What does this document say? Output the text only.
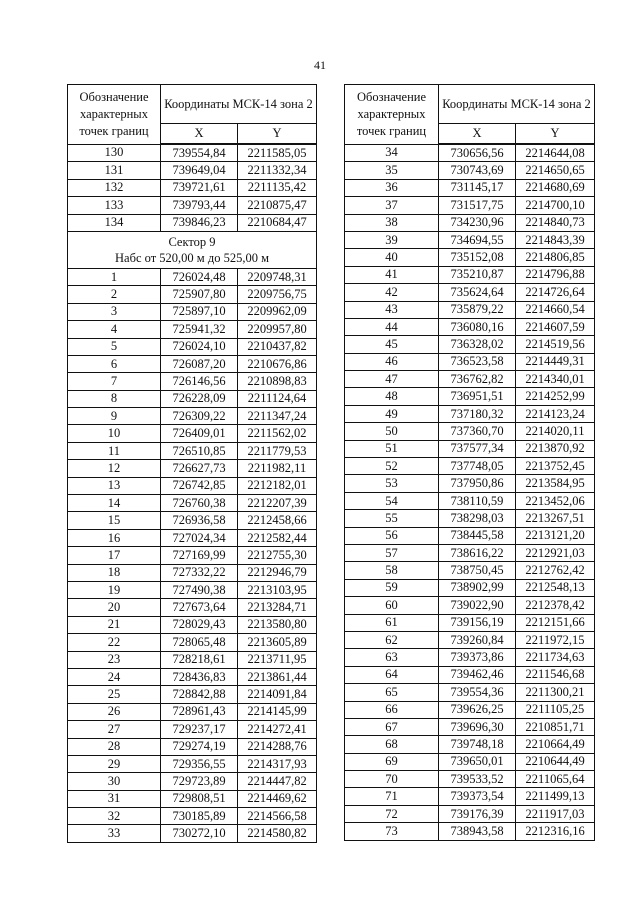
41
Обозначение характерных точек границ	Координаты МСК-14 зона 2	
	X	Y
130	739554,84	2211585,05
131	739649,04	2211332,34
132	739721,61	2211135,42
133	739793,44	2210875,47
134	739846,23	2210684,47

Сектор 9
Набс от 520,00 м до 525,00 м		

1	726024,48	2209748,31
2	725907,80	2209756,75
3	725897,10	2209962,09
4	725941,32	2209957,80
5	726024,10	2210437,82
6	726087,20	2210676,86
7	726146,56	2210898,83
8	726228,09	2211124,64
9	726309,22	2211347,24
10	726409,01	2211562,02
11	726510,85	2211779,53
12	726627,73	2211982,11
13	726742,85	2212182,01
14	726760,38	2212207,39
15	726936,58	2212458,66
16	727024,34	2212582,44
17	727169,99	2212755,30
18	727332,22	2212946,79
19	727490,38	2213103,95
20	727673,64	2213284,71
21	728029,43	2213580,80
22	728065,48	2213605,89
23	728218,61	2213711,95
24	728436,83	2213861,44
25	728842,88	2214091,84
26	728961,43	2214145,99
27	729237,17	2214272,41
28	729274,19	2214288,76
29	729356,55	2214317,93
30	729723,89	2214447,82
31	729808,51	2214469,62
32	730185,89	2214566,58
33	730272,10	2214580,82
Обозначение характерных точек границ	Координаты МСК-14 зона 2	
	X	Y
34	730656,56	2214644,08
35	730743,69	2214650,65
36	731145,17	2214680,69
37	731517,75	2214700,10
38	734230,96	2214840,73
39	734694,55	2214843,39
40	735152,08	2214806,85
41	735210,87	2214796,88
42	735624,64	2214726,64
43	735879,22	2214660,54
44	736080,16	2214607,59
45	736328,02	2214519,56
46	736523,58	2214449,31
47	736762,82	2214340,01
48	736951,51	2214252,99
49	737180,32	2214123,24
50	737360,70	2214020,11
51	737577,34	2213870,92
52	737748,05	2213752,45
53	737950,86	2213584,95
54	738110,59	2213452,06
55	738298,03	2213267,51
56	738445,58	2213121,20
57	738616,22	2212921,03
58	738750,45	2212762,42
59	738902,99	2212548,13
60	739022,90	2212378,42
61	739156,19	2212151,66
62	739260,84	2211972,15
63	739373,86	2211734,63
64	739462,46	2211546,68
65	739554,36	2211300,21
66	739626,25	2211105,25
67	739696,30	2210851,71
68	739748,18	2210664,49
69	739650,01	2210644,49
70	739533,52	2211065,64
71	739373,54	2211499,13
72	739176,39	2211917,03
73	738943,58	2212316,16
